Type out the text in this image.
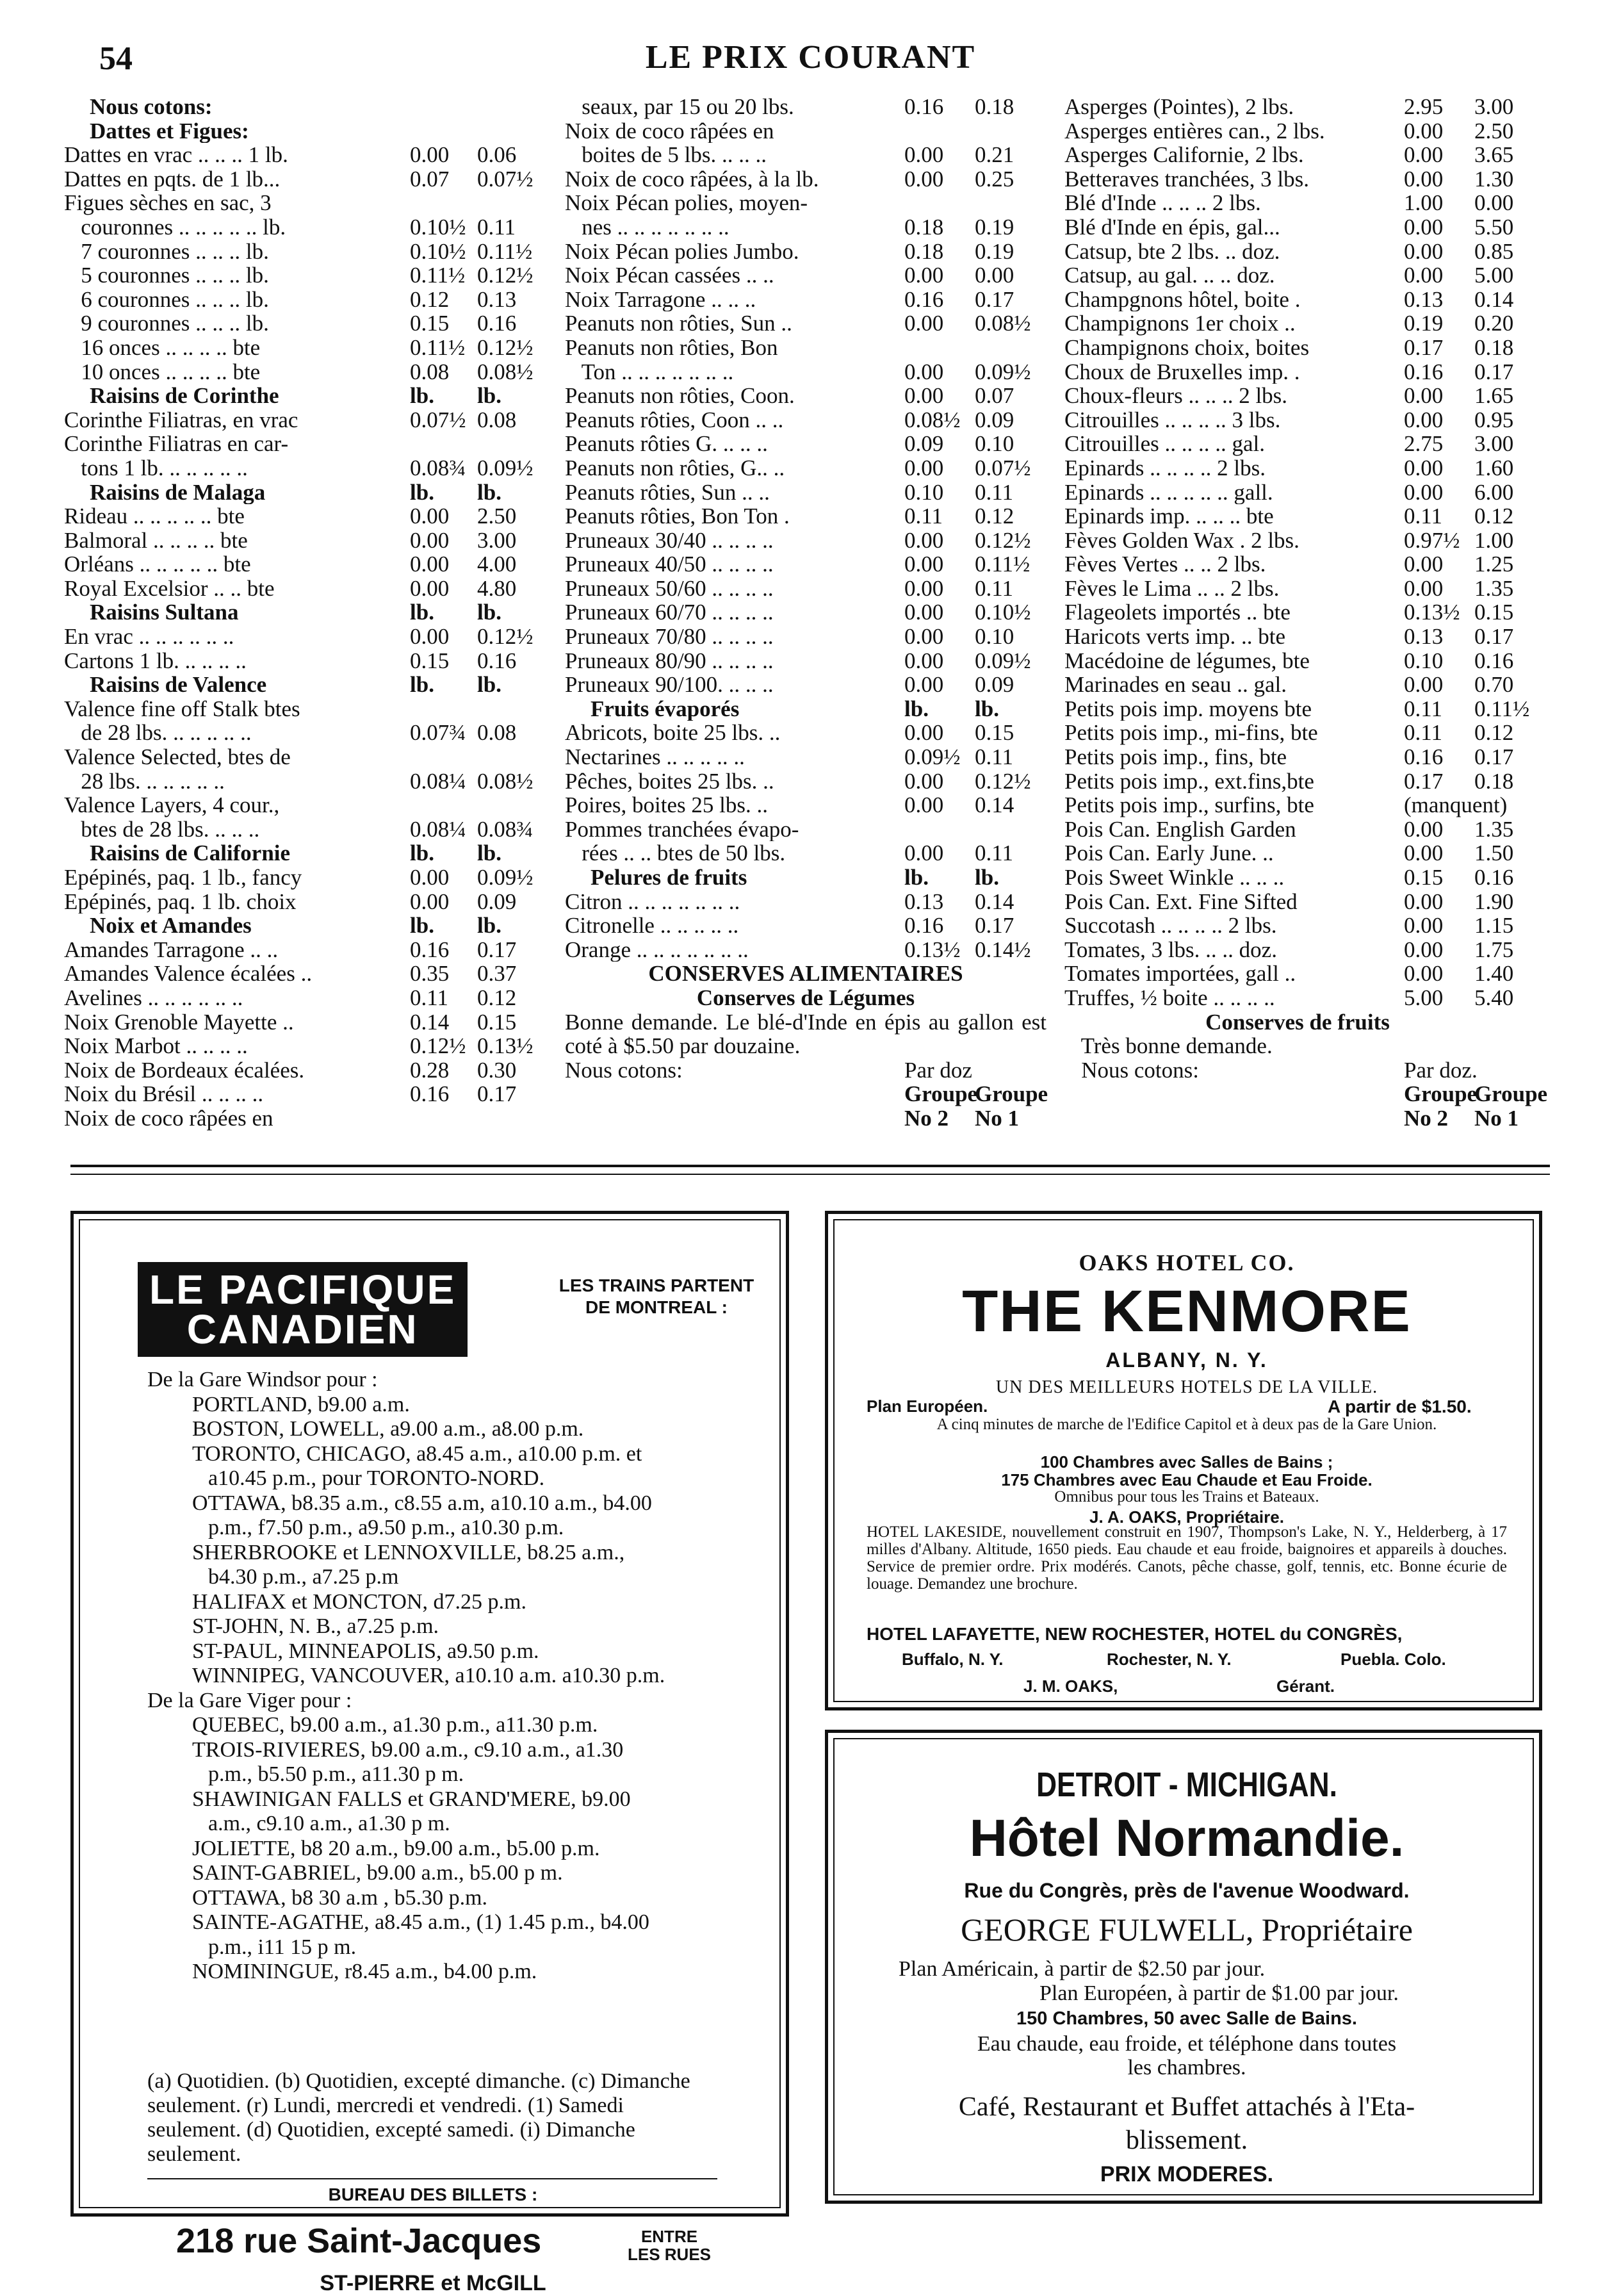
54	LE PRIX COURANT
Nous cotons:
Dattes et Figues:
Dattes en vrac .. .. .. 1 lb.	0.00 0.06
Dattes en pqts. de 1 lb...	0.07 0.07½
Figues sèches en sac, 3
couronnes .. .. .. .. .. lb.	0.10½ 0.11
7 couronnes .. .. .. lb.	0.10½ 0.11½
5 couronnes .. .. .. lb.	0.11½ 0.12½
6 couronnes .. .. .. lb.	0.12 0.13
9 couronnes .. .. .. lb.	0.15 0.16
16 onces .. .. .. .. bte	0.11½ 0.12½
10 onces .. .. .. .. bte	0.08 0.08½
Raisins de Corinthe	lb. lb.
Corinthe Filiatras, en vrac	0.07½ 0.08
Corinthe Filiatras en car-
tons 1 lb. .. .. .. .. ..	0.08¾ 0.09½
Raisins de Malaga	lb. lb.
Rideau .. .. .. .. .. bte	0.00 2.50
Balmoral .. .. .. .. bte	0.00 3.00
Orléans .. .. .. .. .. bte	0.00 4.00
Royal Excelsior .. .. bte	0.00 4.80
Raisins Sultana	lb. lb.
En vrac .. .. .. .. .. ..	0.00 0.12½
Cartons 1 lb. .. .. .. ..	0.15 0.16
Raisins de Valence	lb. lb.
Valence fine off Stalk btes
de 28 lbs. .. .. .. .. ..	0.07¾ 0.08
Valence Selected, btes de
28 lbs. .. .. .. .. ..	0.08¼ 0.08½
Valence Layers, 4 cour.,
btes de 28 lbs. .. .. ..	0.08¼ 0.08¾
Raisins de Californie	lb. lb.
Epépinés, paq. 1 lb., fancy	0.00 0.09½
Epépinés, paq. 1 lb. choix	0.00 0.09
Noix et Amandes	lb. lb.
Amandes Tarragone .. ..	0.16 0.17
Amandes Valence écalées ..	0.35 0.37
Avelines .. .. .. .. .. ..	0.11 0.12
Noix Grenoble Mayette ..	0.14 0.15
Noix Marbot .. .. .. ..	0.12½ 0.13½
Noix de Bordeaux écalées.	0.28 0.30
Noix du Brésil .. .. .. ..	0.16 0.17
Noix de coco râpées en
seaux, par 15 ou 20 lbs.	0.16 0.18
Noix de coco râpées en
boites de 5 lbs. .. .. ..	0.00 0.21
Noix de coco râpées, à la lb.	0.00 0.25
Noix Pécan polies, moyen-
nes .. .. .. .. .. .. ..	0.18 0.19
Noix Pécan polies Jumbo.	0.18 0.19
Noix Pécan cassées .. ..	0.00 0.00
Noix Tarragone .. .. ..	0.16 0.17
Peanuts non rôties, Sun ..	0.00 0.08½
Peanuts non rôties, Bon
Ton .. .. .. .. .. .. ..	0.00 0.09½
Peanuts non rôties, Coon.	0.00 0.07
Peanuts rôties, Coon .. ..	0.08½ 0.09
Peanuts rôties G. .. .. ..	0.09 0.10
Peanuts non rôties, G.. ..	0.00 0.07½
Peanuts rôties, Sun .. ..	0.10 0.11
Peanuts rôties, Bon Ton .	0.11 0.12
Pruneaux 30/40 .. .. .. ..	0.00 0.12½
Pruneaux 40/50 .. .. .. ..	0.00 0.11½
Pruneaux 50/60 .. .. .. ..	0.00 0.11
Pruneaux 60/70 .. .. .. ..	0.00 0.10½
Pruneaux 70/80 .. .. .. ..	0.00 0.10
Pruneaux 80/90 .. .. .. ..	0.00 0.09½
Pruneaux 90/100. .. .. ..	0.00 0.09
Fruits évaporés	lb. lb.
Abricots, boite 25 lbs. ..	0.00 0.15
Nectarines .. .. .. .. ..	0.09½ 0.11
Pêches, boites 25 lbs. ..	0.00 0.12½
Poires, boites 25 lbs. ..	0.00 0.14
Pommes tranchées évapo-
rées .. .. btes de 50 lbs.	0.00 0.11
Pelures de fruits	lb. lb.
Citron .. .. .. .. .. .. ..	0.13 0.14
Citronelle .. .. .. .. ..	0.16 0.17
Orange .. .. .. .. .. .. ..	0.13½ 0.14½
CONSERVES ALIMENTAIRES
Conserves de Légumes
Bonne demande. Le blé-d'Inde en épis au gallon est coté à $5.50 par douzaine.
Nous cotons:	Par doz
Groupe
Groupe
No 2 No 1
Asperges (Pointes), 2 lbs.	2.95 3.00
Asperges entières can., 2 lbs.	0.00 2.50
Asperges Californie, 2 lbs.	0.00 3.65
Betteraves tranchées, 3 lbs.	0.00 1.30
Blé d'Inde .. .. .. 2 lbs.	1.00 0.00
Blé d'Inde en épis, gal...	0.00 5.50
Catsup, bte 2 lbs. .. doz.	0.00 0.85
Catsup, au gal. .. .. doz.	0.00 5.00
Champgnons hôtel, boite .	0.13 0.14
Champignons 1er choix ..	0.19 0.20
Champignons choix, boites	0.17 0.18
Choux de Bruxelles imp. .	0.16 0.17
Choux-fleurs .. .. .. 2 lbs.	0.00 1.65
Citrouilles .. .. .. .. 3 lbs.	0.00 0.95
Citrouilles .. .. .. .. gal.	2.75 3.00
Epinards .. .. .. .. 2 lbs.	0.00 1.60
Epinards .. .. .. .. .. gall.	0.00 6.00
Epinards imp. .. .. .. bte	0.11 0.12
Fèves Golden Wax . 2 lbs.	0.97½ 1.00
Fèves Vertes .. .. 2 lbs.	0.00 1.25
Fèves le Lima .. .. 2 lbs.	0.00 1.35
Flageolets importés .. bte	0.13½ 0.15
Haricots verts imp. .. bte	0.13 0.17
Macédoine de légumes, bte	0.10 0.16
Marinades en seau .. gal.	0.00 0.70
Petits pois imp. moyens bte	0.11 0.11½
Petits pois imp., mi-fins, bte	0.11 0.12
Petits pois imp., fins, bte	0.16 0.17
Petits pois imp., ext.fins,bte	0.17 0.18
Petits pois imp., surfins, bte	(manquent)
Pois Can. English Garden	0.00 1.35
Pois Can. Early June. ..	0.00 1.50
Pois Sweet Winkle .. .. ..	0.15 0.16
Pois Can. Ext. Fine Sifted	0.00 1.90
Succotash .. .. .. .. 2 lbs.	0.00 1.15
Tomates, 3 lbs. .. .. doz.	0.00 1.75
Tomates importées, gall ..	0.00 1.40
Truffes, ½ boite .. .. .. ..	5.00 5.40
Conserves de fruits
Très bonne demande.
Nous cotons:	Par doz.
Groupe
Groupe
No 2 No 1
LE PACIFIQUE
CANADIEN
LES TRAINS PARTENT DE MONTREAL :
De la Gare Windsor pour :
PORTLAND, b9.00 a.m.
BOSTON, LOWELL, a9.00 a.m., a8.00 p.m.
TORONTO, CHICAGO, a8.45 a.m., a10.00 p.m. et
a10.45 p.m., pour TORONTO-NORD.
OTTAWA, b8.35 a.m., c8.55 a.m, a10.10 a.m., b4.00
p.m., f7.50 p.m., a9.50 p.m., a10.30 p.m.
SHERBROOKE et LENNOXVILLE, b8.25 a.m.,
b4.30 p.m., a7.25 p.m
HALIFAX et MONCTON, d7.25 p.m.
ST-JOHN, N. B., a7.25 p.m.
ST-PAUL, MINNEAPOLIS, a9.50 p.m.
WINNIPEG, VANCOUVER, a10.10 a.m. a10.30 p.m.
De la Gare Viger pour :
QUEBEC, b9.00 a.m., a1.30 p.m., a11.30 p.m.
TROIS-RIVIERES, b9.00 a.m., c9.10 a.m., a1.30
p.m., b5.50 p.m., a11.30 p m.
SHAWINIGAN FALLS et GRAND'MERE, b9.00
a.m., c9.10 a.m., a1.30 p m.
JOLIETTE, b8 20 a.m., b9.00 a.m., b5.00 p.m.
SAINT-GABRIEL, b9.00 a.m., b5.00 p m.
OTTAWA, b8 30 a.m , b5.30 p.m.
SAINTE-AGATHE, a8.45 a.m., (1) 1.45 p.m., b4.00
p.m., i11 15 p m.
NOMININGUE, r8.45 a.m., b4.00 p.m.
(a) Quotidien. (b) Quotidien, excepté dimanche. (c) Dimanche seulement. (r) Lundi, mercredi et vendredi. (1) Samedi seulement. (d) Quotidien, excepté samedi. (i) Dimanche seulement.
BUREAU DES BILLETS :
218 rue Saint-Jacques	ENTRE LES RUES
ST-PIERRE et McGILL
OAKS HOTEL CO.
THE KENMORE
ALBANY, N. Y.
UN DES MEILLEURS HOTELS DE LA VILLE.
Plan Européen.	A partir de $1.50.
A cinq minutes de marche de l'Edifice Capitol et à deux pas de la Gare Union.
100 Chambres avec Salles de Bains ;
175 Chambres avec Eau Chaude et Eau Froide.
Omnibus pour tous les Trains et Bateaux.
J. A. OAKS, Propriétaire.
HOTEL LAKESIDE, nouvellement construit en 1907, Thompson's Lake, N. Y., Helderberg, à 17 milles d'Albany. Altitude, 1650 pieds. Eau chaude et eau froide, baignoires et appareils à douches. Service de premier ordre. Prix modérés. Canots, pêche chasse, golf, tennis, etc. Bonne écurie de louage. Demandez une brochure.
HOTEL LAFAYETTE, NEW ROCHESTER, HOTEL du CONGRÈS,
Buffalo, N. Y.	Rochester, N. Y.	Puebla. Colo.
J. M. OAKS,	Gérant.
DETROIT - MICHIGAN.
Hôtel Normandie.
Rue du Congrès, près de l'avenue Woodward.
GEORGE FULWELL, Propriétaire
Plan Américain, à partir de $2.50 par jour.
Plan Européen, à partir de $1.00 par jour.
150 Chambres, 50 avec Salle de Bains.
Eau chaude, eau froide, et téléphone dans toutes
les chambres.
Café, Restaurant et Buffet attachés à l'Eta-
blissement.
PRIX MODERES.
